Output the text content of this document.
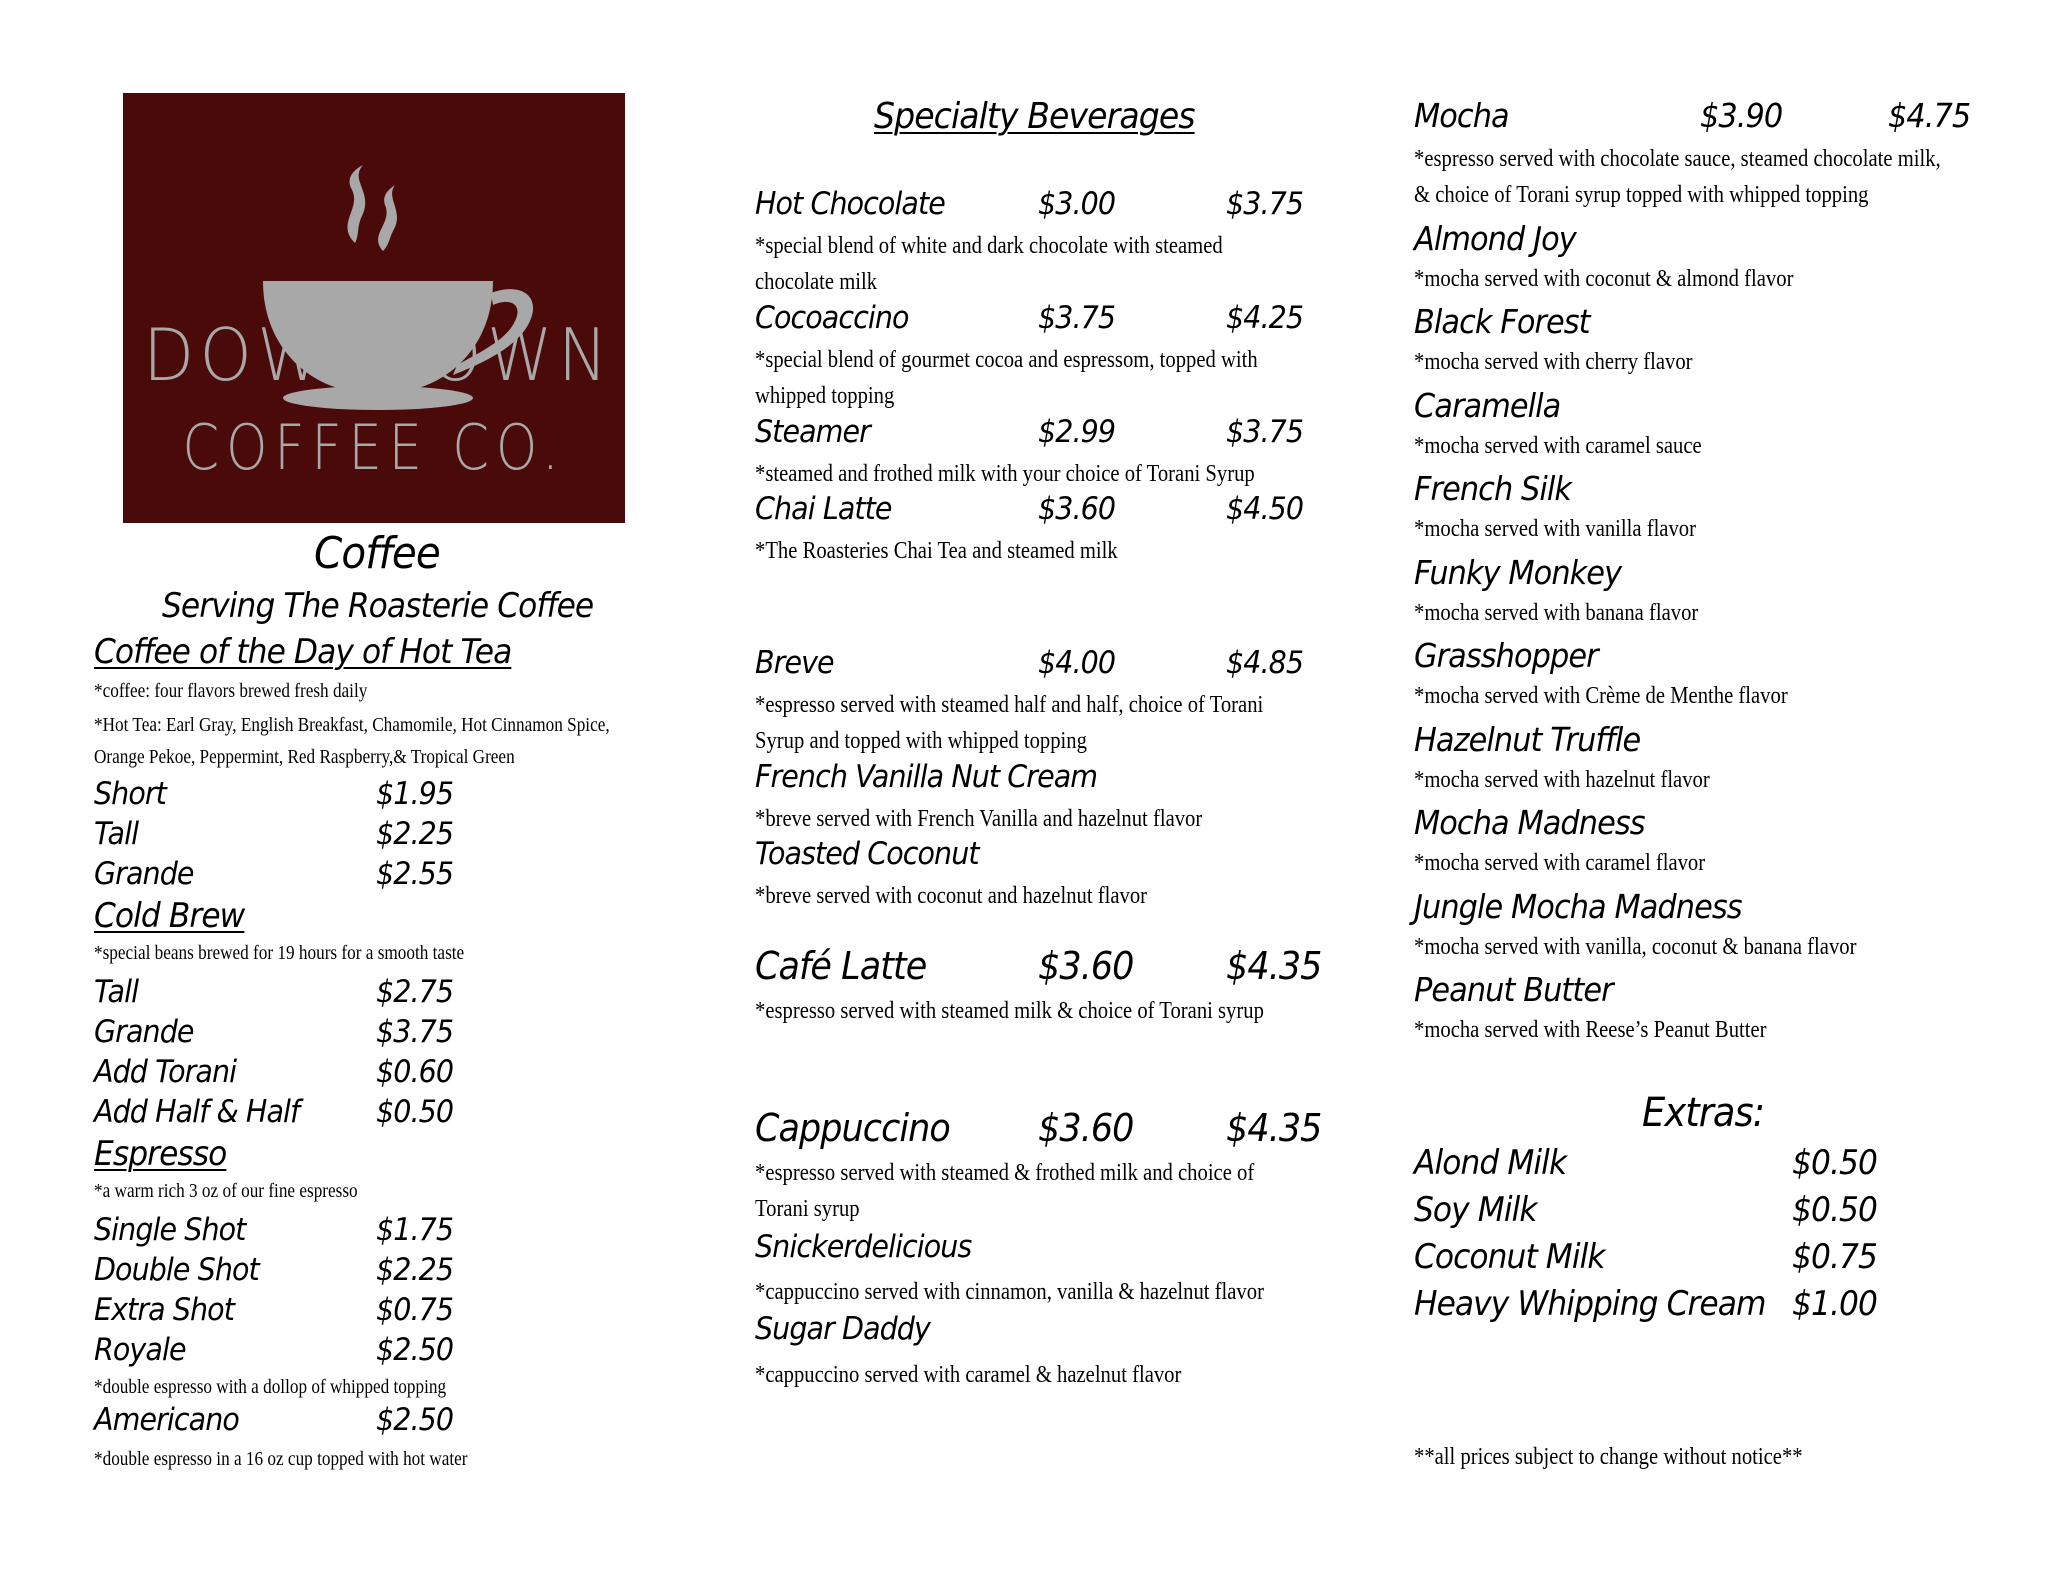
DOWNTOWN
COFFEE CO.
Coffee
Serving The Roasterie Coffee
Coffee of the Day of Hot Tea
*coffee: four flavors brewed fresh daily
*Hot Tea: Earl Gray, English Breakfast, Chamomile, Hot Cinnamon Spice,
Orange Pekoe, Peppermint, Red Raspberry,& Tropical Green
Short	$1.95
Tall	$2.25
Grande	$2.55
Cold Brew
*special beans brewed for 19 hours for a smooth taste
Tall	$2.75
Grande	$3.75
Add Torani	$0.60
Add Half & Half $0.50
Espresso
*a warm rich 3 oz of our fine espresso
Single Shot	$1.75
Double Shot	$2.25
Extra Shot	$0.75
Royale	$2.50
*double espresso with a dollop of whipped topping
Americano	$2.50
*double espresso in a 16 oz cup topped with hot water
Specialty Beverages
Hot Chocolate	$3.00	$3.75
*special blend of white and dark chocolate with steamed
chocolate milk
Cocoaccino	$3.75	$4.25
*special blend of gourmet cocoa and espressom, topped with
whipped topping
Steamer	$2.99	$3.75
*steamed and frothed milk with your choice of Torani Syrup
Chai Latte	$3.60	$4.50
*The Roasteries Chai Tea and steamed milk
Breve	$4.00	$4.85
*espresso served with steamed half and half, choice of Torani
Syrup and topped with whipped topping
French Vanilla Nut Cream
*breve served with French Vanilla and hazelnut flavor
Toasted Coconut
*breve served with coconut and hazelnut flavor
Café Latte	$3.60 $4.35
*espresso served with steamed milk & choice of Torani syrup
Cappuccino $3.60 $4.35
*espresso served with steamed & frothed milk and choice of
Torani syrup
Snickerdelicious
*cappuccino served with cinnamon, vanilla & hazelnut flavor
Sugar Daddy
*cappuccino served with caramel & hazelnut flavor
Mocha	$3.90	$4.75
*espresso served with chocolate sauce, steamed chocolate milk,
& choice of Torani syrup topped with whipped topping
Almond Joy
*mocha served with coconut & almond flavor
Black Forest
*mocha served with cherry flavor
Caramella
*mocha served with caramel sauce
French Silk
*mocha served with vanilla flavor
Funky Monkey
*mocha served with banana flavor
Grasshopper
*mocha served with Crème de Menthe flavor
Hazelnut Truffle
*mocha served with hazelnut flavor
Mocha Madness
*mocha served with caramel flavor
Jungle Mocha Madness
*mocha served with vanilla, coconut & banana flavor
Peanut Butter
*mocha served with Reese’s Peanut Butter
Extras:
Alond Milk	$0.50
Soy Milk	$0.50
Coconut Milk	$0.75
Heavy Whipping Cream $1.00
**all prices subject to change without notice**
